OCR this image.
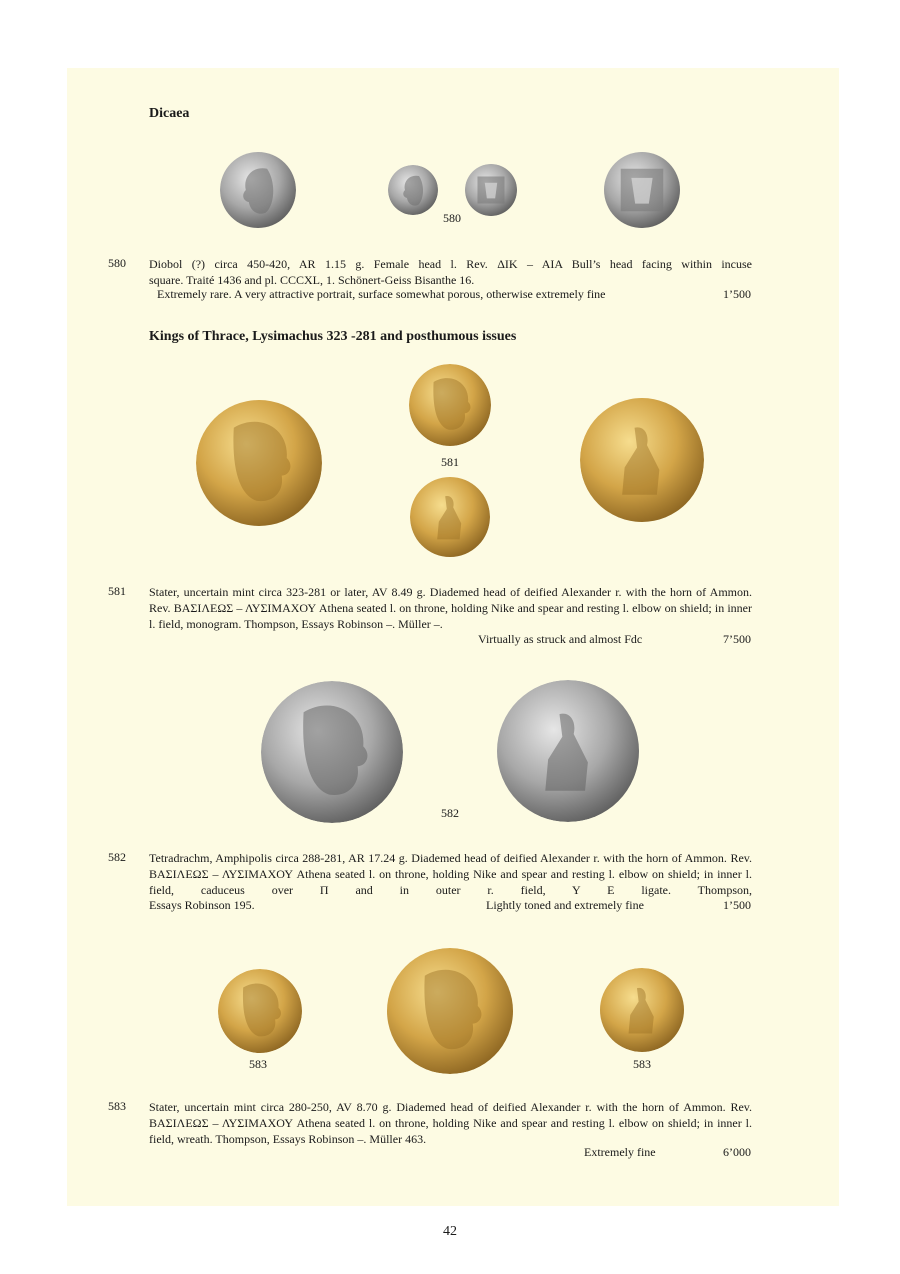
Dicaea
580
580 Diobol (?) circa 450-420, AR 1.15 g. Female head l. Rev. ΔIK – AIA Bull’s head facing within incuse
square. Traité 1436 and pl. CCCXL, 1. Schönert-Geiss Bisanthe 16.
Extremely rare. A very attractive portrait, surface somewhat porous, otherwise extremely fine	1’500
Kings of Thrace, Lysimachus 323 -281 and posthumous issues
581
581 Stater, uncertain mint circa 323-281 or later, AV 8.49 g. Diademed head of deified Alexander r. with the horn of Ammon. Rev. ΒΑΣΙΛΕΩΣ – ΛΥΣΙΜΑΧΟΥ Athena seated l. on throne, holding Nike and spear and resting l. elbow on shield; in inner l. field, monogram. Thompson, Essays Robinson –. Müller –.
Virtually as struck and almost Fdc	7’500
582
582 Tetradrachm, Amphipolis circa 288-281, AR 17.24 g. Diademed head of deified Alexander r. with the horn of Ammon. Rev. ΒΑΣΙΛΕΩΣ – ΛΥΣΙΜΑΧΟΥ Athena seated l. on throne, holding Nike and spear and resting l. elbow on shield; in inner l. field, caduceus over Π and in outer r. field, Y E ligate. Thompson,
Essays Robinson 195.	Lightly toned and extremely fine	1’500
583	583
583 Stater, uncertain mint circa 280-250, AV 8.70 g. Diademed head of deified Alexander r. with the horn of Ammon. Rev. ΒΑΣΙΛΕΩΣ – ΛΥΣΙΜΑΧΟΥ Athena seated l. on throne, holding Nike and spear and resting l. elbow on shield; in inner l. field, wreath. Thompson, Essays Robinson –. Müller 463.
Extremely fine	6’000
42
